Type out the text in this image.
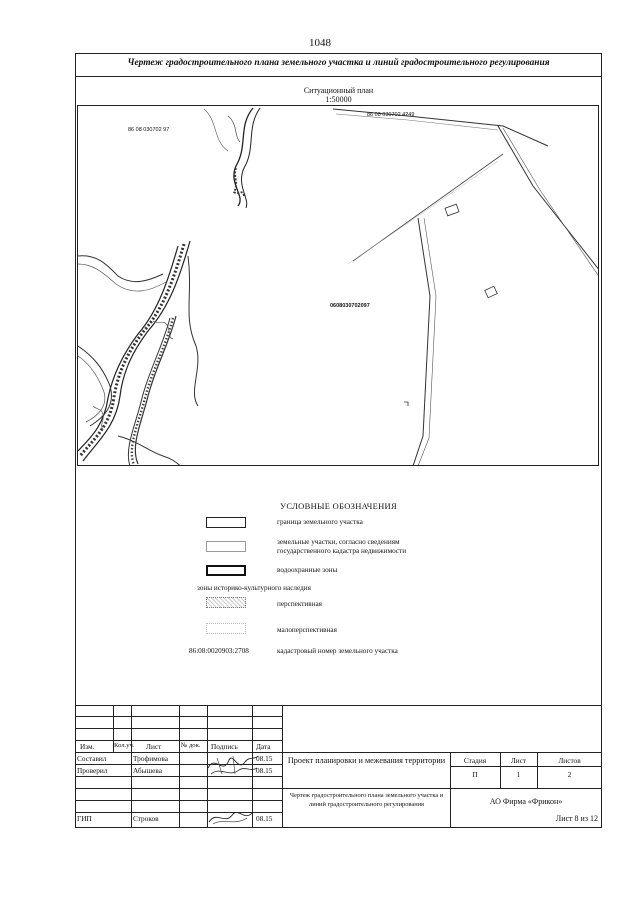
1048
Чертеж градостроительного плана земельного участка и линий градостроительного регулирования
Ситуационный план
1:50000
86 08 030702 97
86 08 030702 4249
0608030702097
УСЛОВНЫЕ ОБОЗНАЧЕНИЯ
граница земельного участка
земельные участки, согласно сведениям
государственного кадастра недвижимости
водоохранные зоны
зоны историко-культурного наследия
перспективная
малоперспективная
86:08:0020903:2708	кадастровый номер земельного участка
Изм.	Кол.уч. Лист	№ док. Подпись Дата
Составил	Трофимова	08.15
Проверил	Абышева	08.15
ГИП	Строков	08.15
Проект планировки и межевания территории
Чертеж градостроительного плана земельного участка и линий градостроительного регулирования
Стадия	Лист	Листов
П	1	2
АО Фирма «Фрикон»
Лист 8 из 12
